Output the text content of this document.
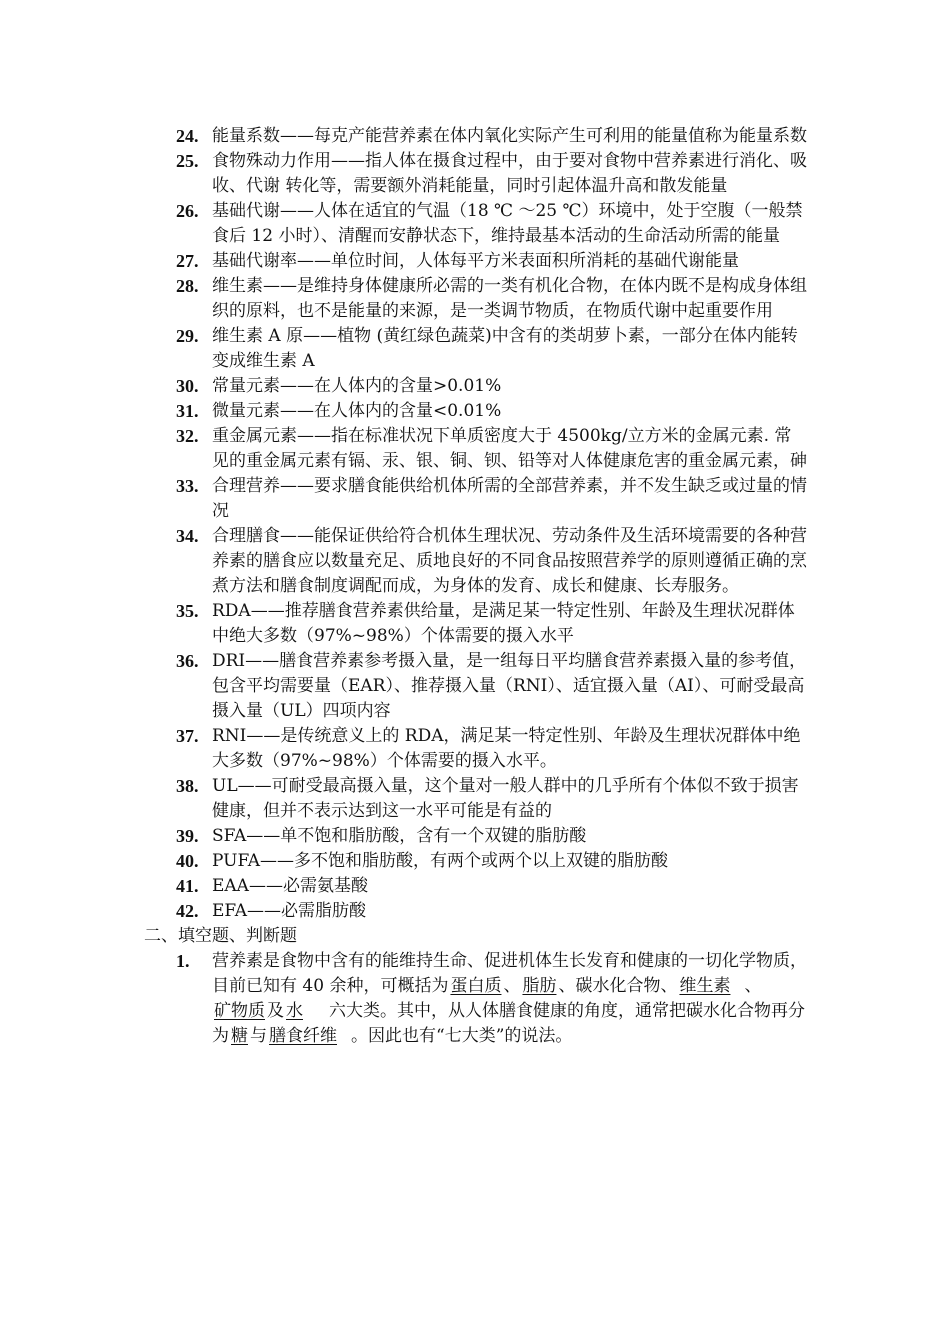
24. 能量系数——每克产能营养素在体内氧化实际产生可利用的能量值称为能量系数
25. 食物殊动力作用——指人体在摄食过程中，由于要对食物中营养素进行消化、吸收、代谢 转化等，需要额外消耗能量，同时引起体温升高和散发能量
26. 基础代谢——人体在适宜的气温（18 ℃ ～25 ℃）环境中，处于空腹（一般禁食后 12 小时）、清醒而安静状态下，维持最基本活动的生命活动所需的能量
27. 基础代谢率——单位时间，人体每平方米表面积所消耗的基础代谢能量
28. 维生素——是维持身体健康所必需的一类有机化合物，在体内既不是构成身体组织的原料，也不是能量的来源，是一类调节物质，在物质代谢中起重要作用
29. 维生素 A 原——植物 (黄红绿色蔬菜)中含有的类胡萝卜素，一部分在体内能转变成维生素 A
30. 常量元素——在人体内的含量>0.01%
31. 微量元素——在人体内的含量<0.01%
32. 重金属元素——指在标准状况下单质密度大于 4500kg/立方米的金属元素. 常见的重金属元素有镉、汞、银、铜、钡、铅等对人体健康危害的重金属元素，砷
33. 合理营养——要求膳食能供给机体所需的全部营养素，并不发生缺乏或过量的情况
34. 合理膳食——能保证供给符合机体生理状况、劳动条件及生活环境需要的各种营养素的膳食应以数量充足、质地良好的不同食品按照营养学的原则遵循正确的烹煮方法和膳食制度调配而成，为身体的发育、成长和健康、长寿服务。
35. RDA——推荐膳食营养素供给量，是满足某一特定性别、年龄及生理状况群体中绝大多数（97%~98%）个体需要的摄入水平
36. DRI——膳食营养素参考摄入量，是一组每日平均膳食营养素摄入量的参考值，包含平均需要量（EAR）、推荐摄入量（RNI）、适宜摄入量（AI）、可耐受最高摄入量（UL）四项内容
37. RNI——是传统意义上的 RDA，满足某一特定性别、年龄及生理状况群体中绝大多数（97%~98%）个体需要的摄入水平。
38. UL——可耐受最高摄入量，这个量对一般人群中的几乎所有个体似不致于损害健康，但并不表示达到这一水平可能是有益的
39. SFA——单不饱和脂肪酸，含有一个双键的脂肪酸
40. PUFA——多不饱和脂肪酸，有两个或两个以上双键的脂肪酸
41. EAA——必需氨基酸
42. EFA——必需脂肪酸
二、填空题、判断题
1.	营养素是食物中含有的能维持生命、促进机体生长发育和健康的一切化学物质，目前已知有 40 余种，可概括为 蛋白质 、 脂肪 、碳水化合物、 维生素 、
矿物质 及 水 六大类。其中，从人体膳食健康的角度，通常把碳水化合物再分为 糖 与 膳食纤维 。因此也有“七大类”的说法。
